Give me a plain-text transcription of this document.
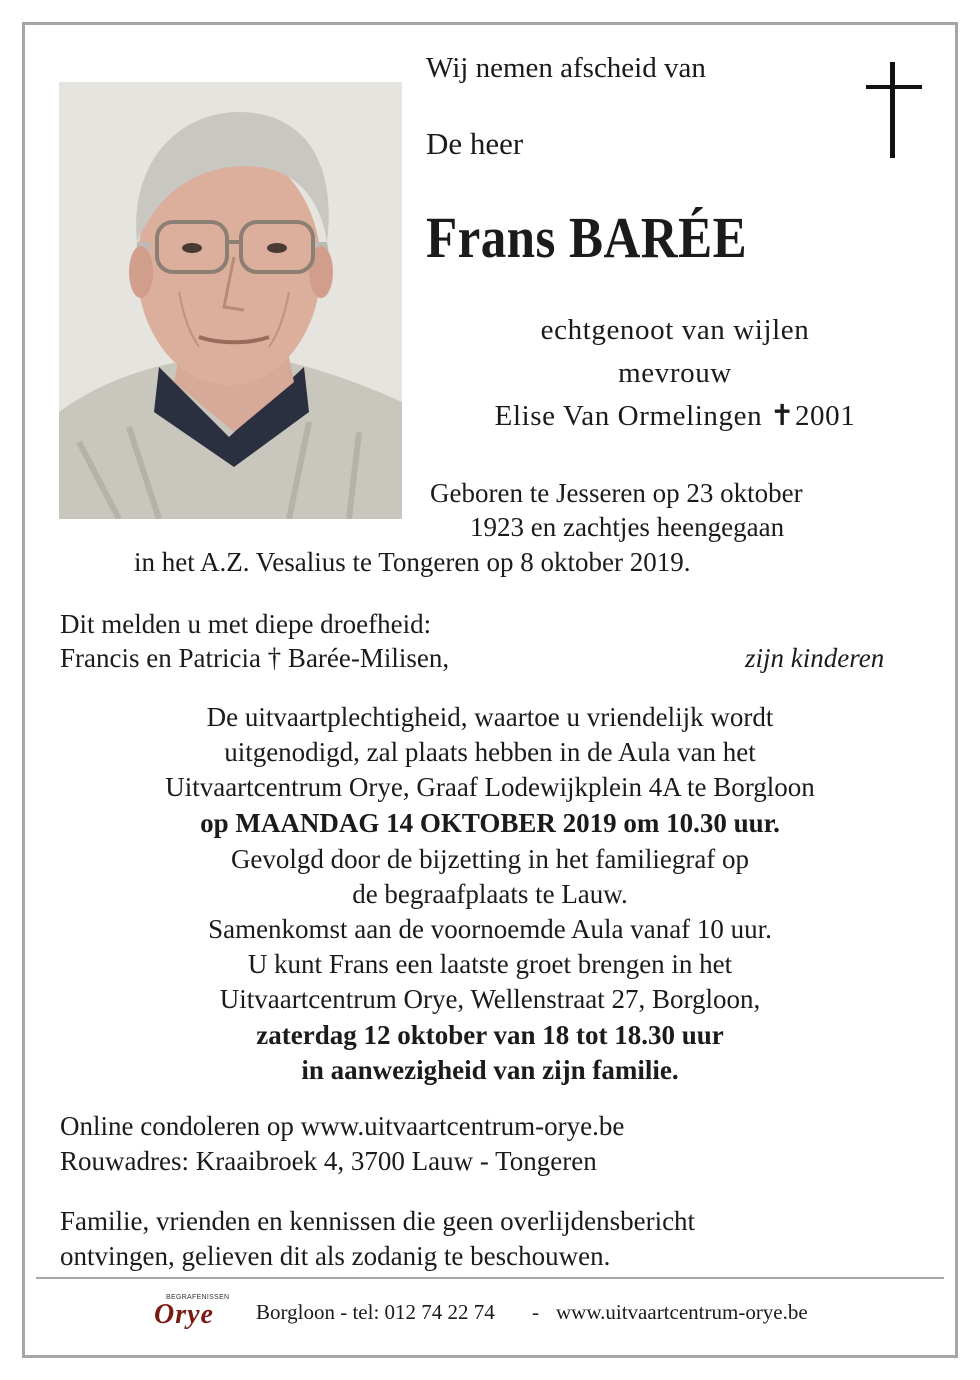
Wij nemen afscheid van
De heer
Frans BARÉE
echtgenoot van wijlen
mevrouw
Elise Van Ormelingen ✝2001
Geboren te Jesseren op 23 oktober
1923 en zachtjes heengegaan
in het A.Z. Vesalius te Tongeren op 8 oktober 2019.
Dit melden u met diepe droefheid:
Francis en Patricia † Barée-Milisen,	zijn kinderen
De uitvaartplechtigheid, waartoe u vriendelijk wordt
uitgenodigd, zal plaats hebben in de Aula van het
Uitvaartcentrum Orye, Graaf Lodewijkplein 4A te Borgloon
op MAANDAG 14 OKTOBER 2019 om 10.30 uur.
Gevolgd door de bijzetting in het familiegraf op
de begraafplaats te Lauw.
Samenkomst aan de voornoemde Aula vanaf 10 uur.
U kunt Frans een laatste groet brengen in het
Uitvaartcentrum Orye, Wellenstraat 27, Borgloon,
zaterdag 12 oktober van 18 tot 18.30 uur
in aanwezigheid van zijn familie.
Online condoleren op www.uitvaartcentrum-orye.be
Rouwadres: Kraaibroek 4, 3700 Lauw - Tongeren
Familie, vrienden en kennissen die geen overlijdensbericht
ontvingen, gelieven dit als zodanig te beschouwen.
BEGRAFENISSEN
Orye Borgloon - tel: 012 74 22 74 - www.uitvaartcentrum-orye.be
